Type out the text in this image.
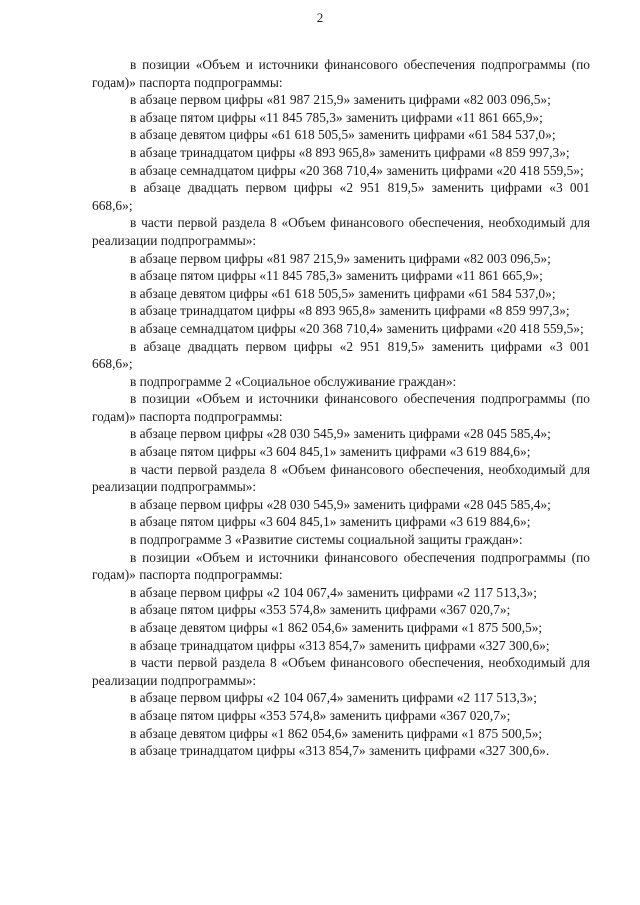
2

в позиции «Объем и источники финансового обеспечения подпрограммы (по годам)» паспорта подпрограммы:

в абзаце первом цифры «81 987 215,9» заменить цифрами «82 003 096,5»;

в абзаце пятом цифры «11 845 785,3» заменить цифрами «11 861 665,9»;

в абзаце девятом цифры «61 618 505,5» заменить цифрами «61 584 537,0»;

в абзаце тринадцатом цифры «8 893 965,8» заменить цифрами «8 859 997,3»;

в абзаце семнадцатом цифры «20 368 710,4» заменить цифрами «20 418 559,5»;

в абзаце двадцать первом цифры «2 951 819,5» заменить цифрами «3 001 668,6»;

в части первой раздела 8 «Объем финансового обеспечения, необходимый для реализации подпрограммы»:

в абзаце первом цифры «81 987 215,9» заменить цифрами «82 003 096,5»;

в абзаце пятом цифры «11 845 785,3» заменить цифрами «11 861 665,9»;

в абзаце девятом цифры «61 618 505,5» заменить цифрами «61 584 537,0»;

в абзаце тринадцатом цифры «8 893 965,8» заменить цифрами «8 859 997,3»;

в абзаце семнадцатом цифры «20 368 710,4» заменить цифрами «20 418 559,5»;

в абзаце двадцать первом цифры «2 951 819,5» заменить цифрами «3 001 668,6»;

в подпрограмме 2 «Социальное обслуживание граждан»:

в позиции «Объем и источники финансового обеспечения подпрограммы (по годам)» паспорта подпрограммы:

в абзаце первом цифры «28 030 545,9» заменить цифрами «28 045 585,4»;

в абзаце пятом цифры «3 604 845,1» заменить цифрами «3 619 884,6»;

в части первой раздела 8 «Объем финансового обеспечения, необходимый для реализации подпрограммы»:

в абзаце первом цифры «28 030 545,9» заменить цифрами «28 045 585,4»;

в абзаце пятом цифры «3 604 845,1» заменить цифрами «3 619 884,6»;

в подпрограмме 3 «Развитие системы социальной защиты граждан»:

в позиции «Объем и источники финансового обеспечения подпрограммы (по годам)» паспорта подпрограммы:

в абзаце первом цифры «2 104 067,4» заменить цифрами «2 117 513,3»;

в абзаце пятом цифры «353 574,8» заменить цифрами «367 020,7»;

в абзаце девятом цифры «1 862 054,6» заменить цифрами «1 875 500,5»;

в абзаце тринадцатом цифры «313 854,7» заменить цифрами «327 300,6»;

в части первой раздела 8 «Объем финансового обеспечения, необходимый для реализации подпрограммы»:

в абзаце первом цифры «2 104 067,4» заменить цифрами «2 117 513,3»;

в абзаце пятом цифры «353 574,8» заменить цифрами «367 020,7»;

в абзаце девятом цифры «1 862 054,6» заменить цифрами «1 875 500,5»;

в абзаце тринадцатом цифры «313 854,7» заменить цифрами «327 300,6».
